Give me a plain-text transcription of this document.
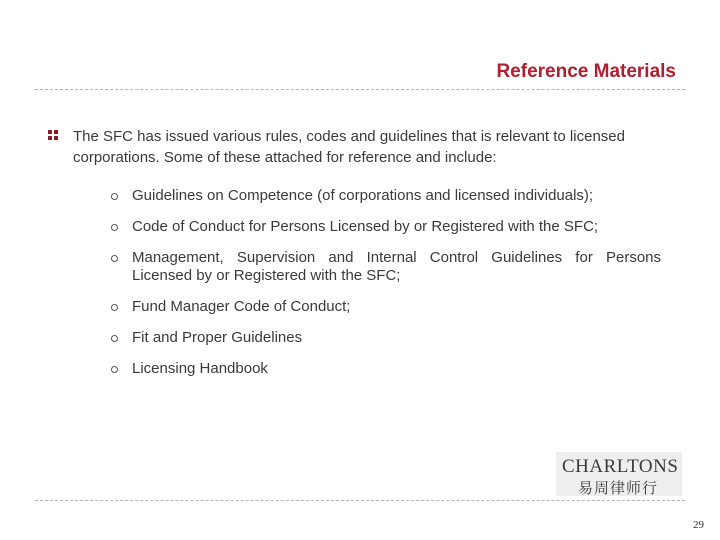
Reference Materials
The SFC has issued various rules, codes and guidelines that is relevant to licensed corporations. Some of these attached for reference and include:
Guidelines on Competence (of corporations and licensed individuals);
Code of Conduct for Persons Licensed by or Registered with the SFC;
Management, Supervision and Internal Control Guidelines for Persons Licensed by or Registered with the SFC;
Fund Manager Code of Conduct;
Fit and Proper Guidelines
Licensing Handbook
CHARLTONS
易周律师行
29
